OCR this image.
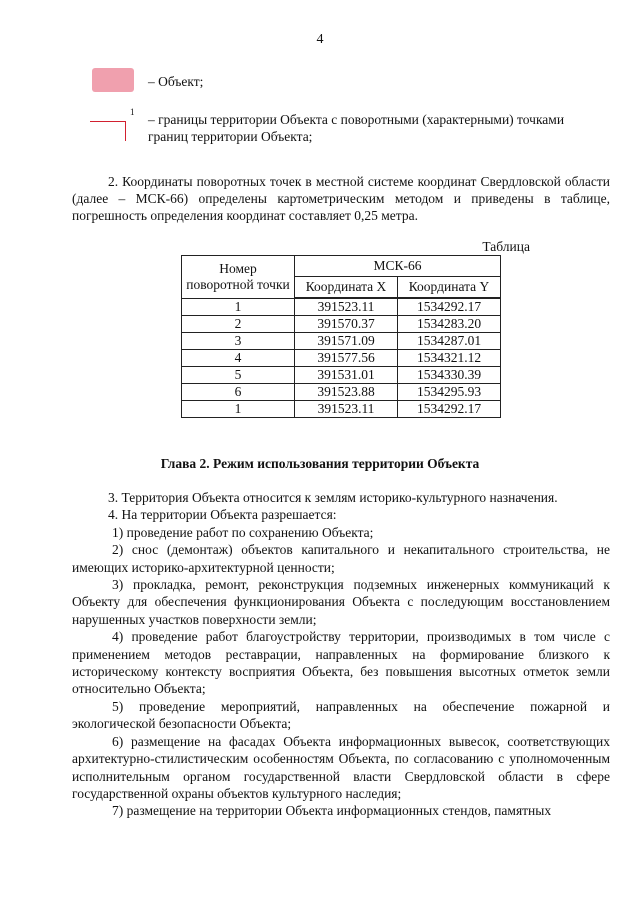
4
– Объект;
1 – границы территории Объекта с поворотными (характерными) точками границ территории Объекта;
2. Координаты поворотных точек в местной системе координат Свердловской области (далее – МСК-66) определены картометрическим методом и приведены в таблице, погрешность определения координат составляет 0,25 метра.
Таблица
Номер поворотной точки	МСК-66	
	Координата X	Координата Y
1	391523.11	1534292.17
2	391570.37	1534283.20
3	391571.09	1534287.01
4	391577.56	1534321.12
5	391531.01	1534330.39
6	391523.88	1534295.93
1	391523.11	1534292.17
Глава 2. Режим использования территории Объекта

3. Территория Объекта относится к землям историко-культурного назначения.

4. На территории Объекта разрешается:

1) проведение работ по сохранению Объекта;

2) снос (демонтаж) объектов капитального и некапитального строительства, не имеющих историко-архитектурной ценности;

3) прокладка, ремонт, реконструкция подземных инженерных коммуникаций к Объекту для обеспечения функционирования Объекта с последующим восстановлением нарушенных участков поверхности земли;

4) проведение работ благоустройству территории, производимых в том числе с применением методов реставрации, направленных на формирование близкого к историческому контексту восприятия Объекта, без повышения высотных отметок земли относительно Объекта;

5) проведение мероприятий, направленных на обеспечение пожарной и экологической безопасности Объекта;

6) размещение на фасадах Объекта информационных вывесок, соответствующих архитектурно-стилистическим особенностям Объекта, по согласованию с уполномоченным исполнительным органом государственной власти Свердловской области в сфере государственной охраны объектов культурного наследия;

7) размещение на территории Объекта информационных стендов, памятных
